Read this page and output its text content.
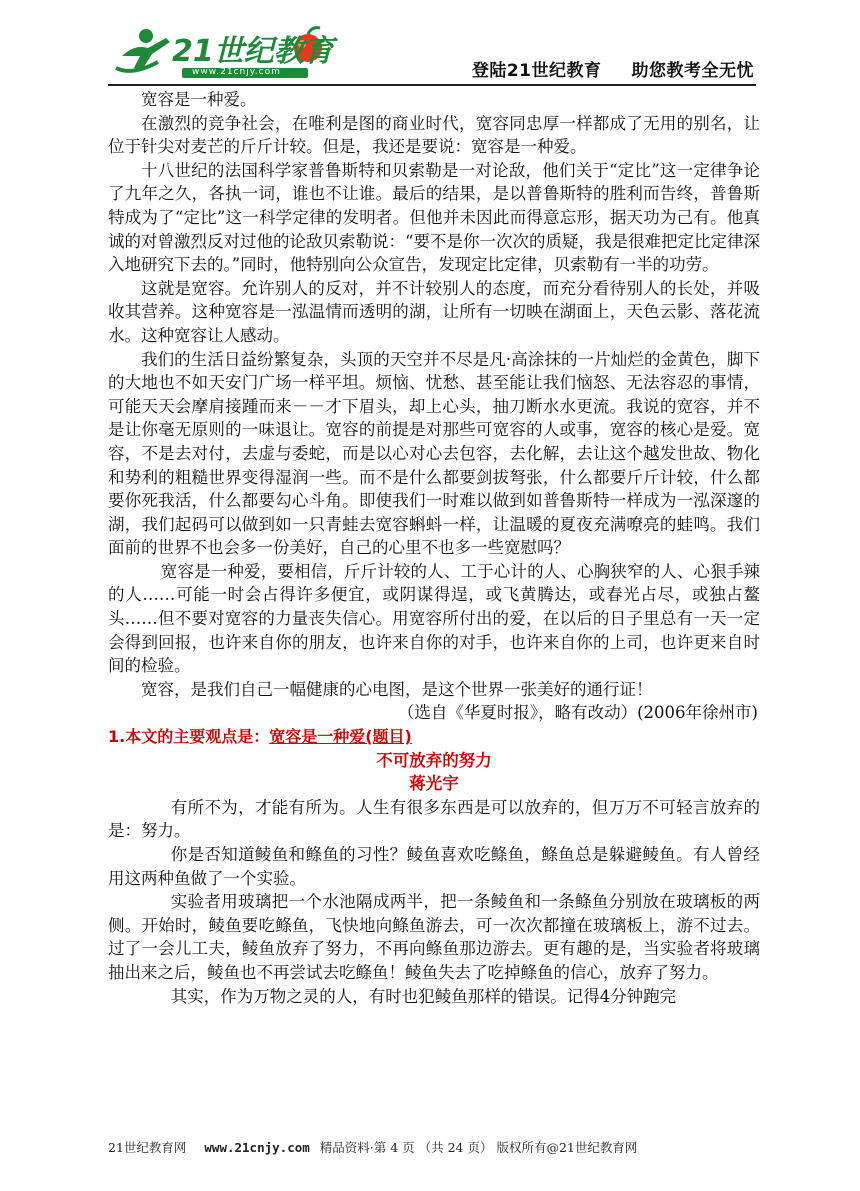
21世纪教育
www.21cnjy.com	登陆21世纪教育 助您教考全无忧

宽容是一种爱。

在激烈的竞争社会，在唯利是图的商业时代，宽容同忠厚一样都成了无用的别名，让位于针尖对麦芒的斤斤计较。但是，我还是要说：宽容是一种爱。

十八世纪的法国科学家普鲁斯特和贝索勒是一对论敌，他们关于“定比”这一定律争论了九年之久，各执一词，谁也不让谁。最后的结果，是以普鲁斯特的胜利而告终，普鲁斯特成为了“定比”这一科学定律的发明者。但他并未因此而得意忘形，据天功为己有。他真诚的对曾激烈反对过他的论敌贝索勒说：“要不是你一次次的质疑，我是很难把定比定律深入地研究下去的。”同时，他特别向公众宣告，发现定比定律，贝索勒有一半的功劳。

这就是宽容。允许别人的反对，并不计较别人的态度，而充分看待别人的长处，并吸收其营养。这种宽容是一泓温情而透明的湖，让所有一切映在湖面上，天色云影、落花流水。这种宽容让人感动。

我们的生活日益纷繁复杂，头顶的天空并不尽是凡·高涂抹的一片灿烂的金黄色，脚下的大地也不如天安门广场一样平坦。烦恼、忧愁、甚至能让我们恼怒、无法容忍的事情，可能天天会摩肩接踵而来－－才下眉头，却上心头，抽刀断水水更流。我说的宽容，并不是让你毫无原则的一味退让。宽容的前提是对那些可宽容的人或事，宽容的核心是爱。宽容，不是去对付，去虚与委蛇，而是以心对心去包容，去化解，去让这个越发世故、物化和势利的粗糙世界变得湿润一些。而不是什么都要剑拔弩张，什么都要斤斤计较，什么都要你死我活，什么都要勾心斗角。即使我们一时难以做到如普鲁斯特一样成为一泓深邃的湖，我们起码可以做到如一只青蛙去宽容蝌蚪一样，让温暖的夏夜充满嘹亮的蛙鸣。我们面前的世界不也会多一份美好，自己的心里不也多一些宽慰吗？

宽容是一种爱，要相信，斤斤计较的人、工于心计的人、心胸狭窄的人、心狠手辣的人……可能一时会占得许多便宜，或阴谋得逞，或飞黄腾达，或春光占尽，或独占鳌头……但不要对宽容的力量丧失信心。用宽容所付出的爱，在以后的日子里总有一天一定会得到回报，也许来自你的朋友，也许来自你的对手，也许来自你的上司，也许更来自时间的检验。

宽容，是我们自己一幅健康的心电图，是这个世界一张美好的通行证！

（选自《华夏时报》，略有改动）(2006年徐州市)

1.本文的主要观点是：宽容是一种爱(题目)

不可放弃的努力

蒋光宇

有所不为，才能有所为。人生有很多东西是可以放弃的，但万万不可轻言放弃的是：努力。

你是否知道鲮鱼和鲦鱼的习性？鲮鱼喜欢吃鲦鱼，鲦鱼总是躲避鲮鱼。有人曾经用这两种鱼做了一个实验。

实验者用玻璃把一个水池隔成两半，把一条鲮鱼和一条鲦鱼分别放在玻璃板的两侧。开始时，鲮鱼要吃鲦鱼，飞快地向鲦鱼游去，可一次次都撞在玻璃板上，游不过去。过了一会儿工夫，鲮鱼放弃了努力，不再向鲦鱼那边游去。更有趣的是，当实验者将玻璃抽出来之后，鲮鱼也不再尝试去吃鲦鱼！鲮鱼失去了吃掉鲦鱼的信心，放弃了努力。

其实，作为万物之灵的人，有时也犯鲮鱼那样的错误。记得4分钟跑完

21世纪教育网 www.21cnjy.com 精品资料·第 4 页 （共 24 页） 版权所有@21世纪教育网
